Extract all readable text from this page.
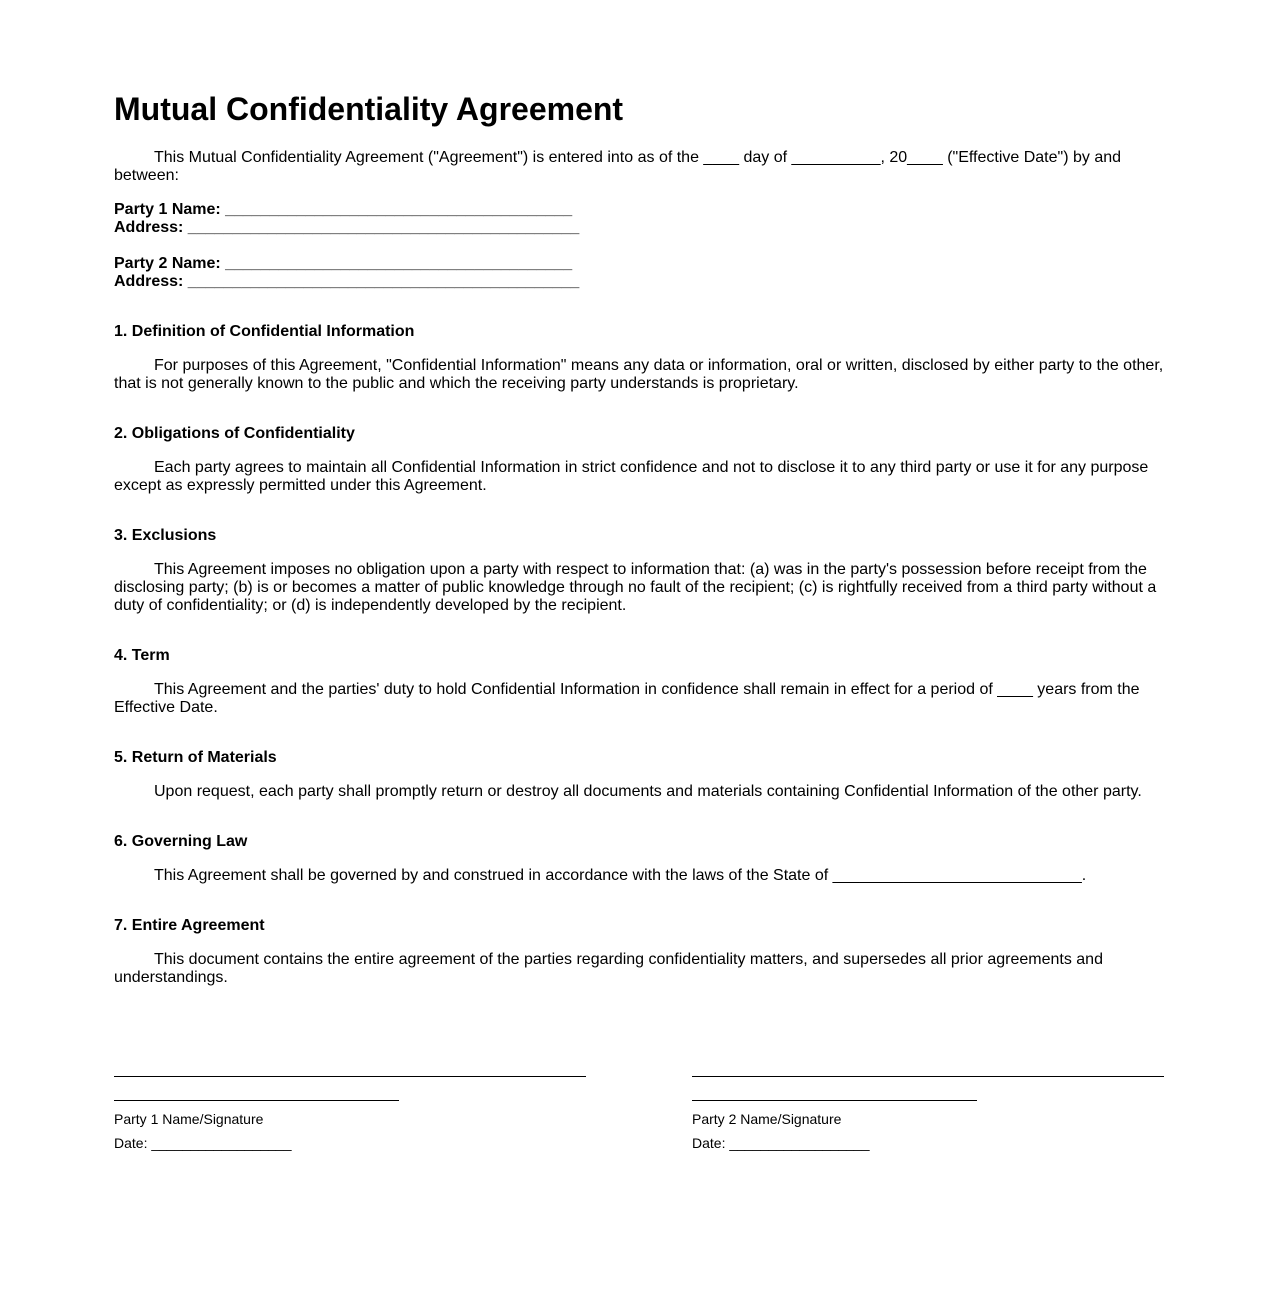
Mutual Confidentiality Agreement

This Mutual Confidentiality Agreement ("Agreement") is entered into as of the ____ day of __________, 20____ ("Effective Date") by and between:

Party 1 Name: _______________________________________
Address: ____________________________________________
Party 2 Name: _______________________________________
Address: ____________________________________________
1. Definition of Confidential Information

For purposes of this Agreement, "Confidential Information" means any data or information, oral or written, disclosed by either party to the other, that is not generally known to the public and which the receiving party understands is proprietary.

2. Obligations of Confidentiality

Each party agrees to maintain all Confidential Information in strict confidence and not to disclose it to any third party or use it for any purpose except as expressly permitted under this Agreement.

3. Exclusions

This Agreement imposes no obligation upon a party with respect to information that: (a) was in the party's possession before receipt from the disclosing party; (b) is or becomes a matter of public knowledge through no fault of the recipient; (c) is rightfully received from a third party without a duty of confidentiality; or (d) is independently developed by the recipient.

4. Term

This Agreement and the parties' duty to hold Confidential Information in confidence shall remain in effect for a period of ____ years from the Effective Date.

5. Return of Materials

Upon request, each party shall promptly return or destroy all documents and materials containing Confidential Information of the other party.

6. Governing Law

This Agreement shall be governed by and construed in accordance with the laws of the State of ____________________________.

7. Entire Agreement

This document contains the entire agreement of the parties regarding confidentiality matters, and supersedes all prior agreements and understandings.

Party 1 Name/Signature
Date: __________________
Party 2 Name/Signature
Date: __________________
